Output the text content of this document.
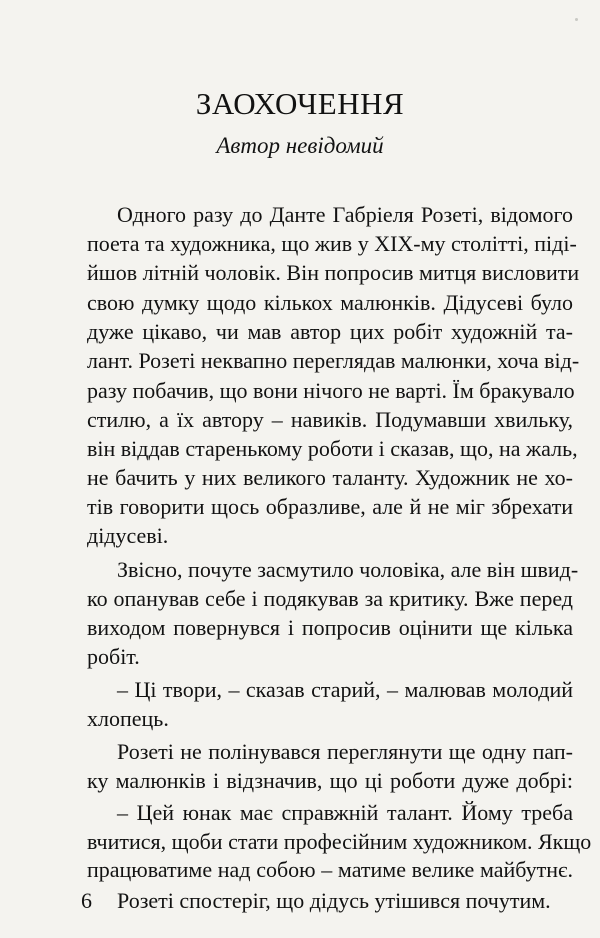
ЗАОХОЧЕННЯ
Автор невідомий
Одного разу до Данте Габріеля Розеті, відомого
поета та художника, що жив у ХІХ-му столітті, піді-
йшов літній чоловік. Він попросив митця висловити
свою думку щодо кількох малюнків. Дідусеві було
дуже цікаво, чи мав автор цих робіт художній та-
лант. Розеті неквапно переглядав малюнки, хоча від-
разу побачив, що вони нічого не варті. Їм бракувало
стилю, а їх автору – навиків. Подумавши хвильку,
він віддав старенькому роботи і сказав, що, на жаль,
не бачить у них великого таланту. Художник не хо-
тів говорити щось образливе, але й не міг збрехати
дідусеві.
Звісно, почуте засмутило чоловіка, але він швид-
ко опанував себе і подякував за критику. Вже перед
виходом повернувся і попросив оцінити ще кілька
робіт.
– Ці твори, – сказав старий, – малював молодий
хлопець.
Розеті не полінувався переглянути ще одну пап-
ку малюнків і відзначив, що ці роботи дуже добрі:
– Цей юнак має справжній талант. Йому треба
вчитися, щоби стати професійним художником. Якщо
працюватиме над собою – матиме велике майбутнє.
Розеті спостеріг, що дідусь утішився почутим.
6
